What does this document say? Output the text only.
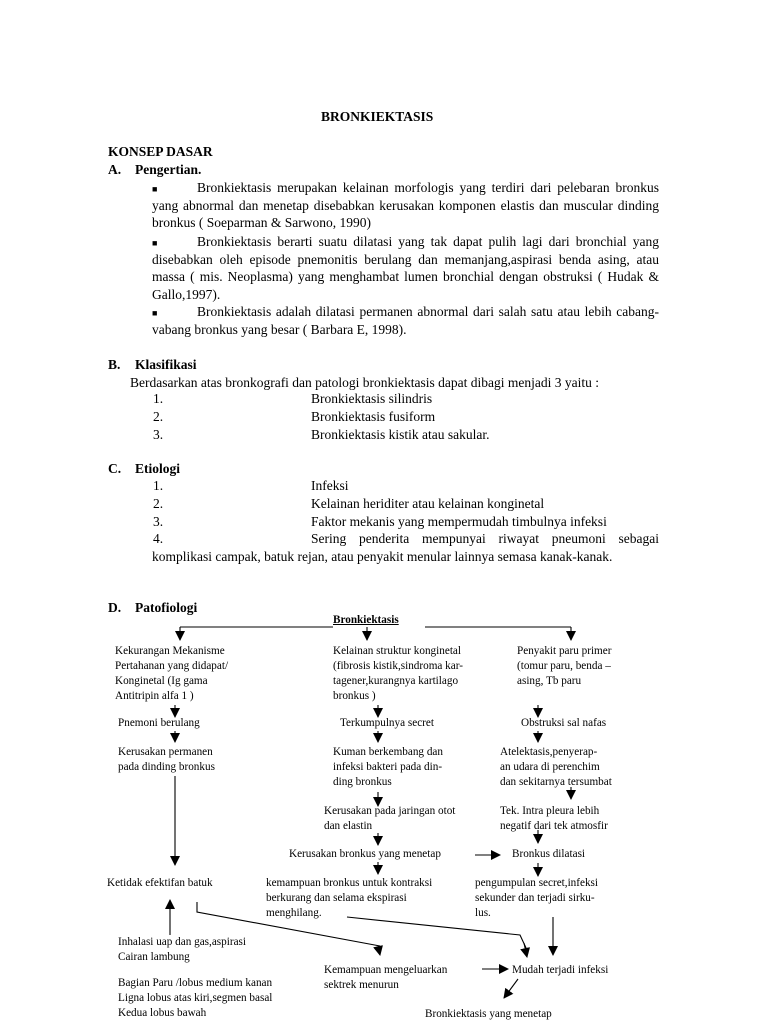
BRONKIEKTASIS
KONSEP DASAR
A. Pengertian.
■	Bronkiektasis merupakan kelainan morfologis yang terdiri dari pelebaran bronkus yang abnormal dan menetap disebabkan kerusakan komponen elastis dan muscular dinding bronkus ( Soeparman & Sarwono, 1990)
■	Bronkiektasis berarti suatu dilatasi yang tak dapat pulih lagi dari bronchial yang disebabkan oleh episode pnemonitis berulang dan memanjang,aspirasi benda asing, atau massa ( mis. Neoplasma) yang menghambat lumen bronchial dengan obstruksi ( Hudak & Gallo,1997).
■	Bronkiektasis adalah dilatasi permanen abnormal dari salah satu atau lebih cabang-vabang bronkus yang besar ( Barbara E, 1998).
B. Klasifikasi
Berdasarkan atas bronkografi dan patologi bronkiektasis dapat dibagi menjadi 3 yaitu :
1.	Bronkiektasis silindris
2.	Bronkiektasis fusiform
3.	Bronkiektasis kistik atau sakular.
C. Etiologi
1.	Infeksi
2.	Kelainan heriditer atau kelainan konginetal
3.	Faktor mekanis yang mempermudah timbulnya infeksi
4.	Sering penderita mempunyai riwayat pneumoni sebagai
komplikasi campak, batuk rejan, atau penyakit menular lainnya semasa kanak-kanak.
D. Patofiologi
Bronkiektasis
Kekurangan Mekanisme
Pertahanan yang didapat/
Konginetal (Ig gama
Antitripin alfa 1 )
Pnemoni berulang
Kerusakan permanen
pada dinding bronkus
Ketidak efektifan batuk
Inhalasi uap dan gas,aspirasi
Cairan lambung
Bagian Paru /lobus medium kanan
Ligna lobus atas kiri,segmen basal
Kedua lobus bawah
Kelainan struktur konginetal
(fibrosis kistik,sindroma kar-
tagener,kurangnya kartilago
bronkus )
Terkumpulnya secret
Kuman berkembang dan
infeksi bakteri pada din-
ding bronkus
Kerusakan pada jaringan otot
dan elastin
Kerusakan bronkus yang menetap
kemampuan bronkus untuk kontraksi
berkurang dan selama ekspirasi
menghilang.
Kemampuan mengeluarkan
sektrek menurun
Penyakit paru primer
(tomur paru, benda –
asing, Tb paru
Obstruksi sal nafas
Atelektasis,penyerap-
an udara di perenchim
dan sekitarnya tersumbat
Tek. Intra pleura lebih
negatif dari tek atmosfir
Bronkus dilatasi
pengumpulan secret,infeksi
sekunder dan terjadi sirku-
lus.
Mudah terjadi infeksi
Bronkiektasis yang menetap
